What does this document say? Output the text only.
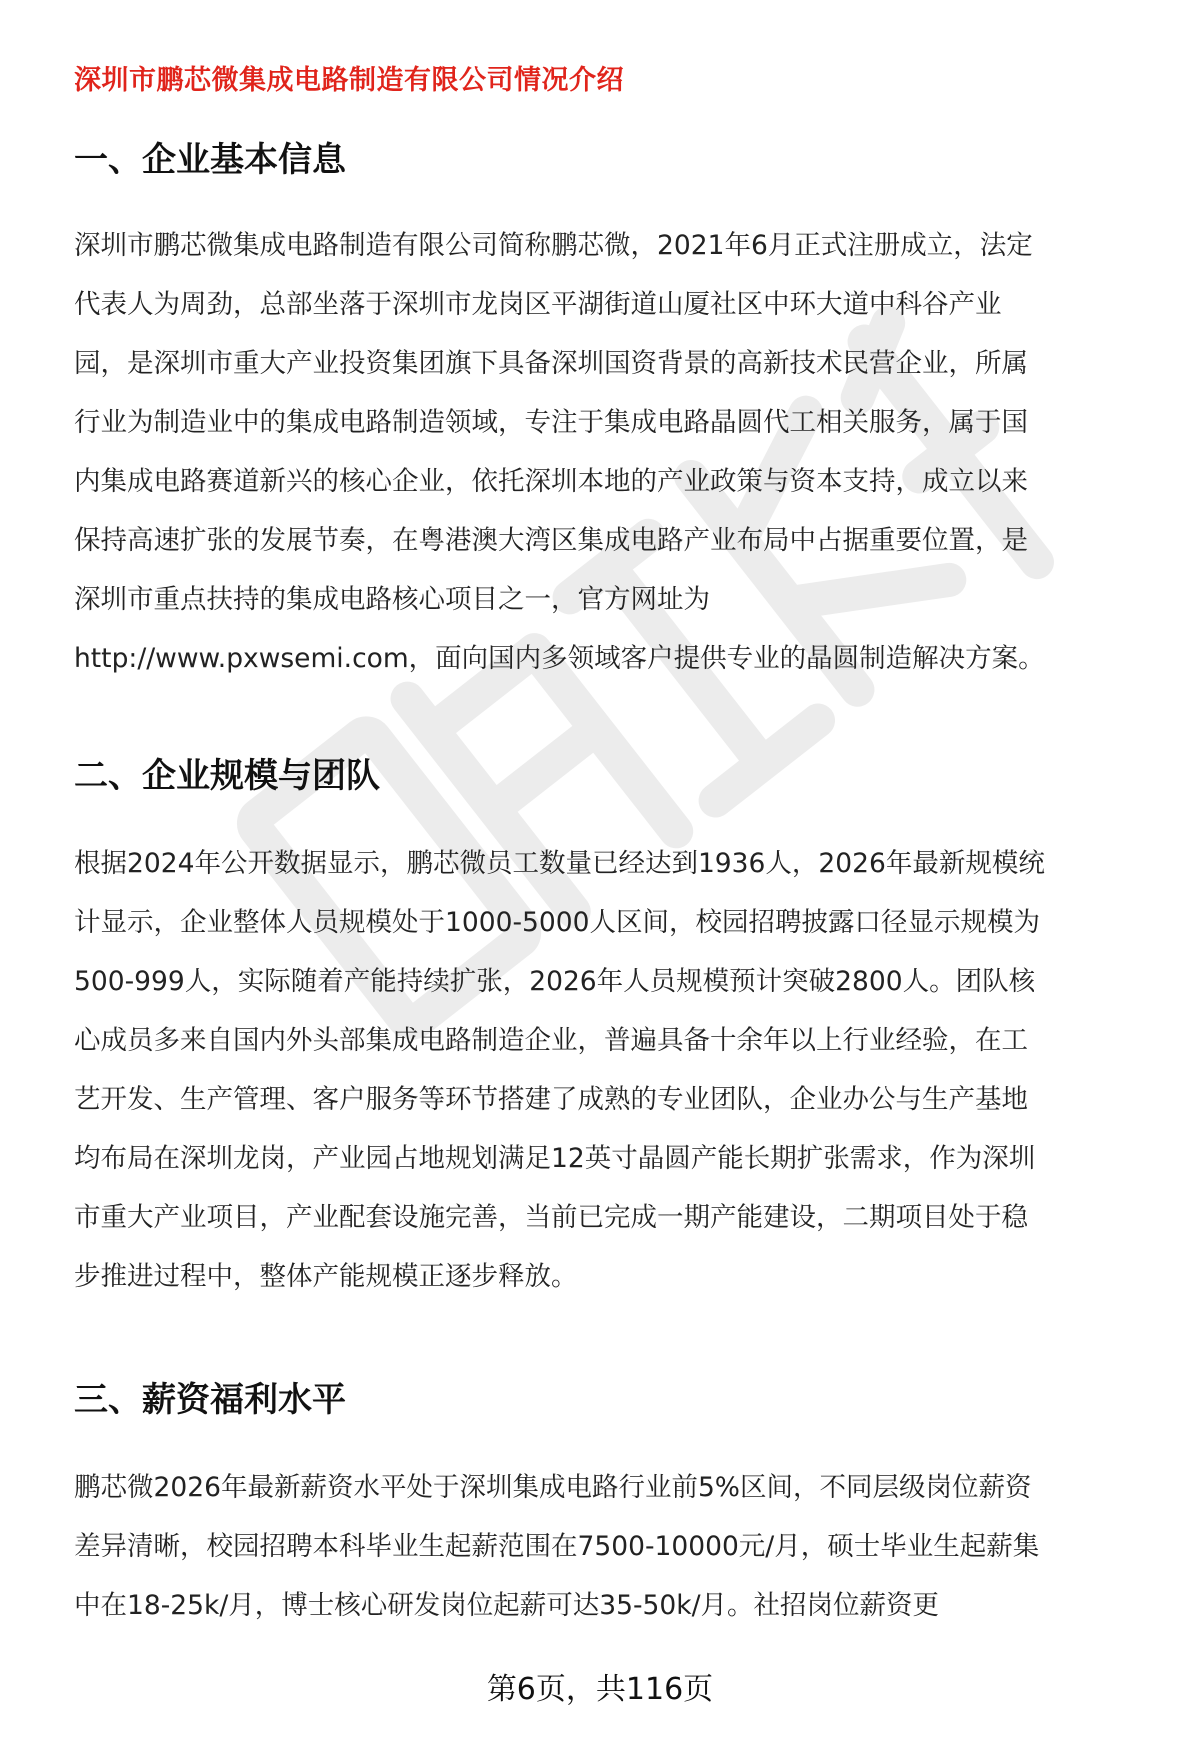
深圳市鹏芯微集成电路制造有限公司情况介绍
一、企业基本信息
深圳市鹏芯微集成电路制造有限公司简称鹏芯微，2021年6月正式注册成立，法定
代表人为周劲，总部坐落于深圳市龙岗区平湖街道山厦社区中环大道中科谷产业
园，是深圳市重大产业投资集团旗下具备深圳国资背景的高新技术民营企业，所属
行业为制造业中的集成电路制造领域，专注于集成电路晶圆代工相关服务，属于国
内集成电路赛道新兴的核心企业，依托深圳本地的产业政策与资本支持，成立以来
保持高速扩张的发展节奏，在粤港澳大湾区集成电路产业布局中占据重要位置，是
深圳市重点扶持的集成电路核心项目之一，官方网址为
http://www.pxwsemi.com，面向国内多领域客户提供专业的晶圆制造解决方案。
二、企业规模与团队
根据2024年公开数据显示，鹏芯微员工数量已经达到1936人，2026年最新规模统
计显示，企业整体人员规模处于1000-5000人区间，校园招聘披露口径显示规模为
500-999人，实际随着产能持续扩张，2026年人员规模预计突破2800人。团队核
心成员多来自国内外头部集成电路制造企业，普遍具备十余年以上行业经验，在工
艺开发、生产管理、客户服务等环节搭建了成熟的专业团队，企业办公与生产基地
均布局在深圳龙岗，产业园占地规划满足12英寸晶圆产能长期扩张需求，作为深圳
市重大产业项目，产业配套设施完善，当前已完成一期产能建设，二期项目处于稳
步推进过程中，整体产能规模正逐步释放。
三、薪资福利水平
鹏芯微2026年最新薪资水平处于深圳集成电路行业前5%区间，不同层级岗位薪资
差异清晰，校园招聘本科毕业生起薪范围在7500-10000元/月，硕士毕业生起薪集
中在18-25k/月，博士核心研发岗位起薪可达35-50k/月。社招岗位薪资更
第6页，共116页
